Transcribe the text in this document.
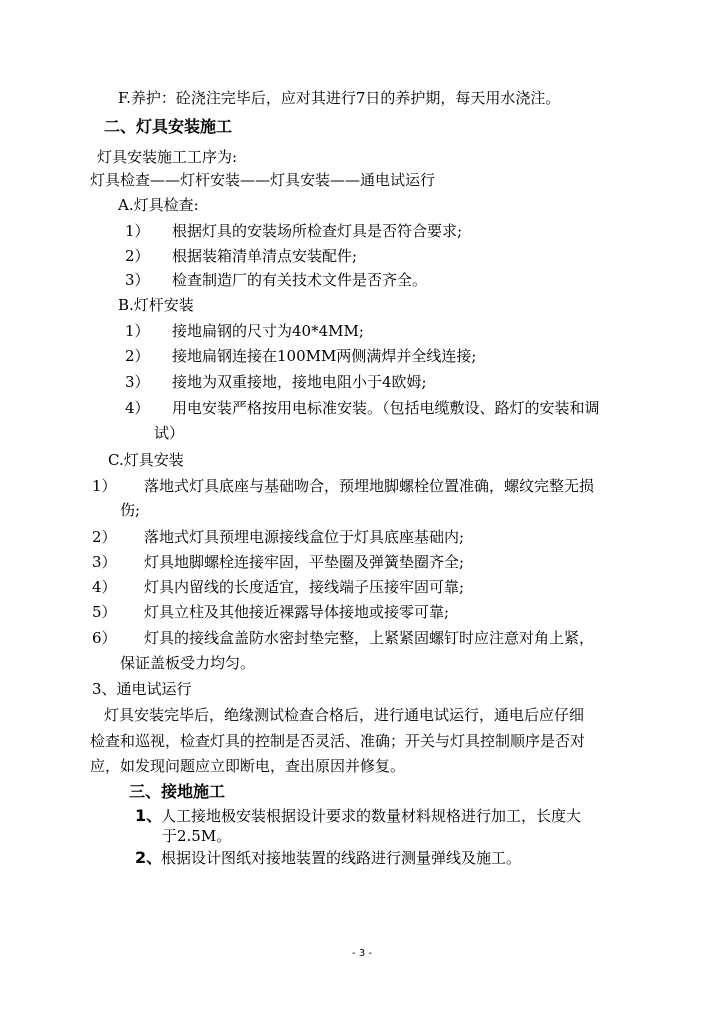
F.养护：砼浇注完毕后，应对其进行7日的养护期，每天用水浇注。
二、灯具安装施工
灯具安装施工工序为:
灯具检查——灯杆安装——灯具安装——通电试运行
A.灯具检查:
1） 根据灯具的安装场所检查灯具是否符合要求;
2） 根据装箱清单清点安装配件;
3） 检查制造厂的有关技术文件是否齐全。
B.灯杆安装
1） 接地扁钢的尺寸为40*4MM;
2） 接地扁钢连接在100MM两侧满焊并全线连接;
3） 接地为双重接地，接地电阻小于4欧姆;
4） 用电安装严格按用电标准安装。（包括电缆敷设、路灯的安装和调
试）
C.灯具安装
1） 落地式灯具底座与基础吻合，预埋地脚螺栓位置准确，螺纹完整无损
伤;
2） 落地式灯具预埋电源接线盒位于灯具底座基础内;
3） 灯具地脚螺栓连接牢固，平垫圈及弹簧垫圈齐全;
4） 灯具内留线的长度适宜，接线端子压接牢固可靠;
5） 灯具立柱及其他接近裸露导体接地或接零可靠;
6） 灯具的接线盒盖防水密封垫完整，上紧紧固螺钉时应注意对角上紧，
保证盖板受力均匀。
3、通电试运行
灯具安装完毕后，绝缘测试检查合格后，进行通电试运行，通电后应仔细
检查和巡视，检查灯具的控制是否灵活、准确；开关与灯具控制顺序是否对
应，如发现问题应立即断电，查出原因并修复。
三、接地施工
1、人工接地极安装根据设计要求的数量材料规格进行加工，长度大
于2.5M。
2、根据设计图纸对接地装置的线路进行测量弹线及施工。
- 3 -
